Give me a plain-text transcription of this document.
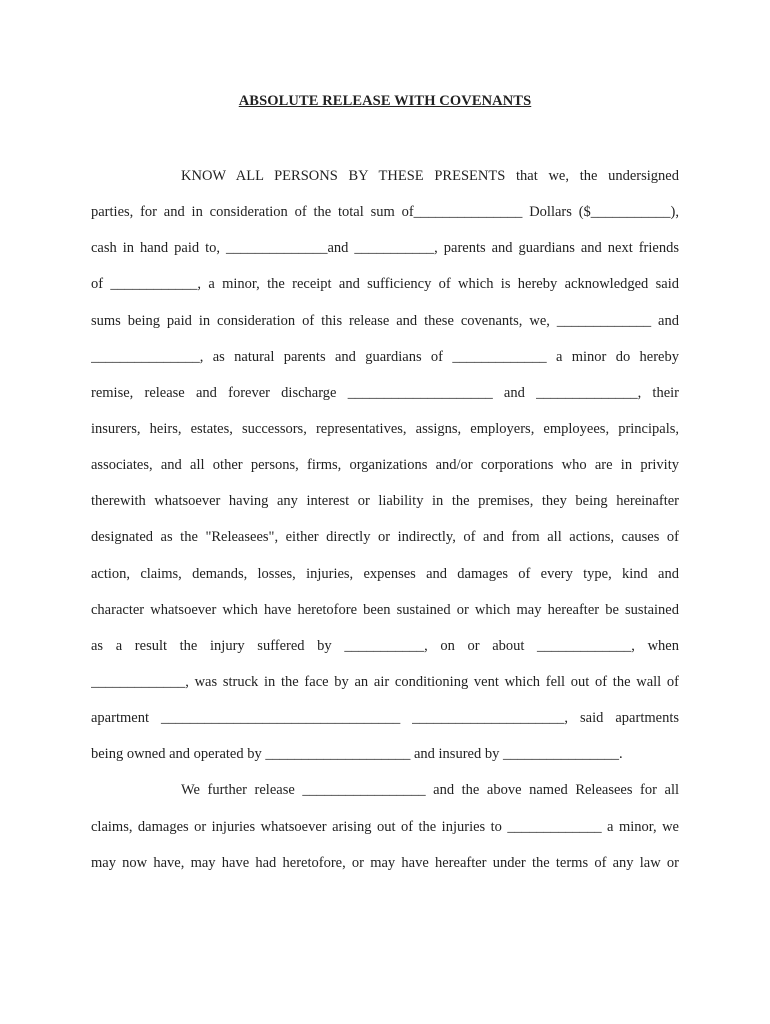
ABSOLUTE RELEASE WITH COVENANTS
KNOW ALL PERSONS BY THESE PRESENTS that we, the undersigned
parties, for and in consideration of the total sum of_______________ Dollars ($___________),
cash in hand paid to, ______________and ___________, parents and guardians and next friends
of ____________, a minor, the receipt and sufficiency of which is hereby acknowledged said
sums being paid in consideration of this release and these covenants, we, _____________ and
_______________, as natural parents and guardians of _____________ a minor do hereby
remise, release and forever discharge ____________________ and ______________, their
insurers, heirs, estates, successors, representatives, assigns, employers, employees, principals,
associates, and all other persons, firms, organizations and/or corporations who are in privity
therewith whatsoever having any interest or liability in the premises, they being hereinafter
designated as the "Releasees", either directly or indirectly, of and from all actions, causes of
action, claims, demands, losses, injuries, expenses and damages of every type, kind and
character whatsoever which have heretofore been sustained or which may hereafter be sustained
as a result the injury suffered by ___________, on or about _____________, when
_____________, was struck in the face by an air conditioning vent which fell out of the wall of
apartment _________________________________ _____________________, said apartments
being owned and operated by ____________________ and insured by ________________.
We further release _________________ and the above named Releasees for all
claims, damages or injuries whatsoever arising out of the injuries to _____________ a minor, we
may now have, may have had heretofore, or may have hereafter under the terms of any law or
